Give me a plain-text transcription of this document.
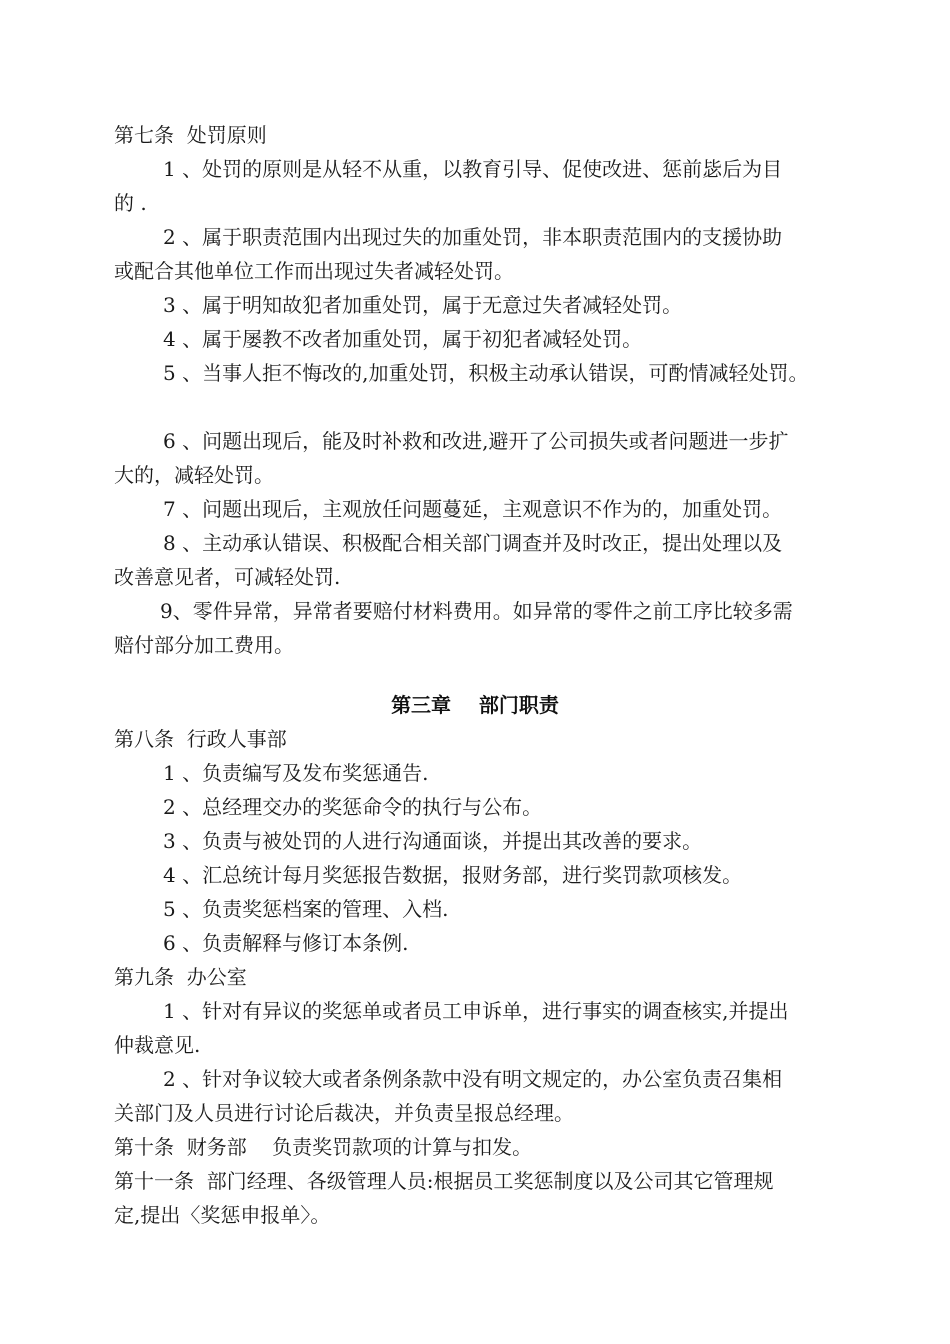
第七条  处罚原则
1 、处罚的原则是从轻不从重，以教育引导、促使改进、惩前毖后为目
的 .
2 、属于职责范围内出现过失的加重处罚，非本职责范围内的支援协助
或配合其他单位工作而出现过失者减轻处罚。
3 、属于明知故犯者加重处罚，属于无意过失者减轻处罚。
4 、属于屡教不改者加重处罚，属于初犯者减轻处罚。
5 、当事人拒不悔改的,加重处罚，积极主动承认错误，可酌情减轻处罚。
6 、问题出现后，能及时补救和改进,避开了公司损失或者问题进一步扩
大的，减轻处罚。
7 、问题出现后，主观放任问题蔓延，主观意识不作为的，加重处罚。
8 、主动承认错误、积极配合相关部门调查并及时改正，提出处理以及
改善意见者，可减轻处罚.
9、零件异常，异常者要赔付材料费用。如异常的零件之前工序比较多需
赔付部分加工费用。
第三章    部门职责
第八条  行政人事部
1 、负责编写及发布奖惩通告.
2 、总经理交办的奖惩命令的执行与公布。
3 、负责与被处罚的人进行沟通面谈，并提出其改善的要求。
4 、汇总统计每月奖惩报告数据，报财务部，进行奖罚款项核发。
5 、负责奖惩档案的管理、入档.
6 、负责解释与修订本条例.
第九条  办公室
1 、针对有异议的奖惩单或者员工申诉单，进行事实的调查核实,并提出
仲裁意见.
2 、针对争议较大或者条例条款中没有明文规定的，办公室负责召集相
关部门及人员进行讨论后裁决，并负责呈报总经理。
第十条  财务部    负责奖罚款项的计算与扣发。
第十一条  部门经理、各级管理人员:根据员工奖惩制度以及公司其它管理规
定,提出〈奖惩申报单〉。
